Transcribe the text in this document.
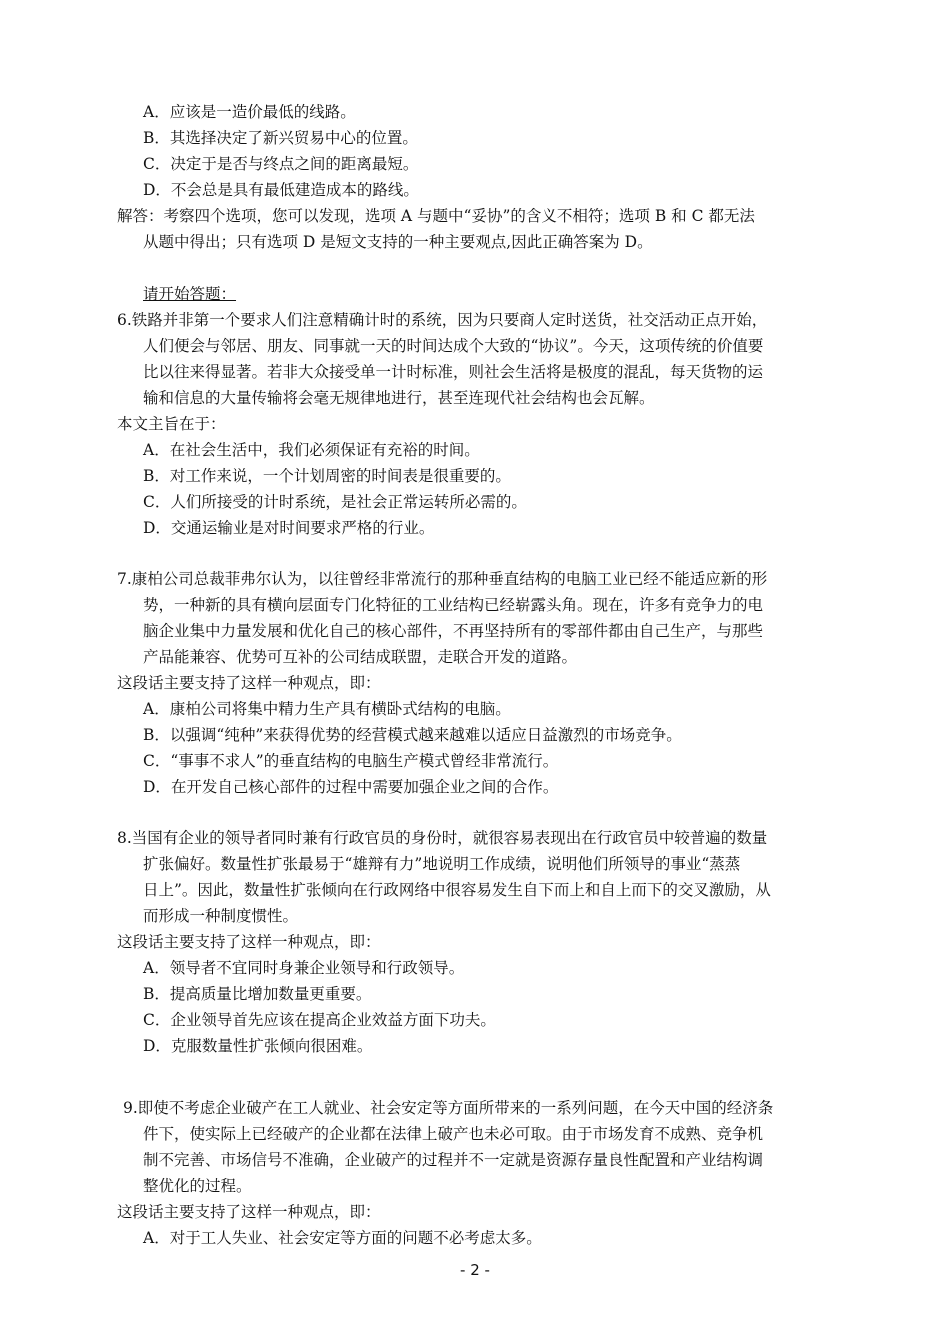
A．应该是一造价最低的线路。
B．其选择决定了新兴贸易中心的位置。
C．决定于是否与终点之间的距离最短。
D．不会总是具有最低建造成本的路线。
解答：考察四个选项，您可以发现，选项 A 与题中“妥协”的含义不相符；选项 B 和 C 都无法
从题中得出；只有选项 D 是短文支持的一种主要观点,因此正确答案为 D。
请开始答题：
6.铁路并非第一个要求人们注意精确计时的系统，因为只要商人定时送货，社交活动正点开始，
人们便会与邻居、朋友、同事就一天的时间达成个大致的“协议”。今天，这项传统的价值要
比以往来得显著。若非大众接受单一计时标准，则社会生活将是极度的混乱，每天货物的运
输和信息的大量传输将会毫无规律地进行，甚至连现代社会结构也会瓦解。
本文主旨在于：
A．在社会生活中，我们必须保证有充裕的时间。
B．对工作来说，一个计划周密的时间表是很重要的。
C．人们所接受的计时系统，是社会正常运转所必需的。
D．交通运输业是对时间要求严格的行业。
7.康柏公司总裁菲弗尔认为，以往曾经非常流行的那种垂直结构的电脑工业已经不能适应新的形
势，一种新的具有横向层面专门化特征的工业结构已经崭露头角。现在，许多有竞争力的电
脑企业集中力量发展和优化自己的核心部件，不再坚持所有的零部件都由自己生产，与那些
产品能兼容、优势可互补的公司结成联盟，走联合开发的道路。
这段话主要支持了这样一种观点，即：
A．康柏公司将集中精力生产具有横卧式结构的电脑。
B．以强调“纯种”来获得优势的经营模式越来越难以适应日益激烈的市场竞争。
C．“事事不求人”的垂直结构的电脑生产模式曾经非常流行。
D．在开发自己核心部件的过程中需要加强企业之间的合作。
8.当国有企业的领导者同时兼有行政官员的身份时，就很容易表现出在行政官员中较普遍的数量
扩张偏好。数量性扩张最易于“雄辩有力”地说明工作成绩，说明他们所领导的事业“蒸蒸
日上”。因此，数量性扩张倾向在行政网络中很容易发生自下而上和自上而下的交叉激励，从
而形成一种制度惯性。
这段话主要支持了这样一种观点，即：
A．领导者不宜同时身兼企业领导和行政领导。
B．提高质量比增加数量更重要。
C．企业领导首先应该在提高企业效益方面下功夫。
D．克服数量性扩张倾向很困难。
9.即使不考虑企业破产在工人就业、社会安定等方面所带来的一系列问题，在今天中国的经济条
件下，使实际上已经破产的企业都在法律上破产也未必可取。由于市场发育不成熟、竞争机
制不完善、市场信号不准确，企业破产的过程并不一定就是资源存量良性配置和产业结构调
整优化的过程。
这段话主要支持了这样一种观点，即：
A．对于工人失业、社会安定等方面的问题不必考虑太多。
- 2 -
